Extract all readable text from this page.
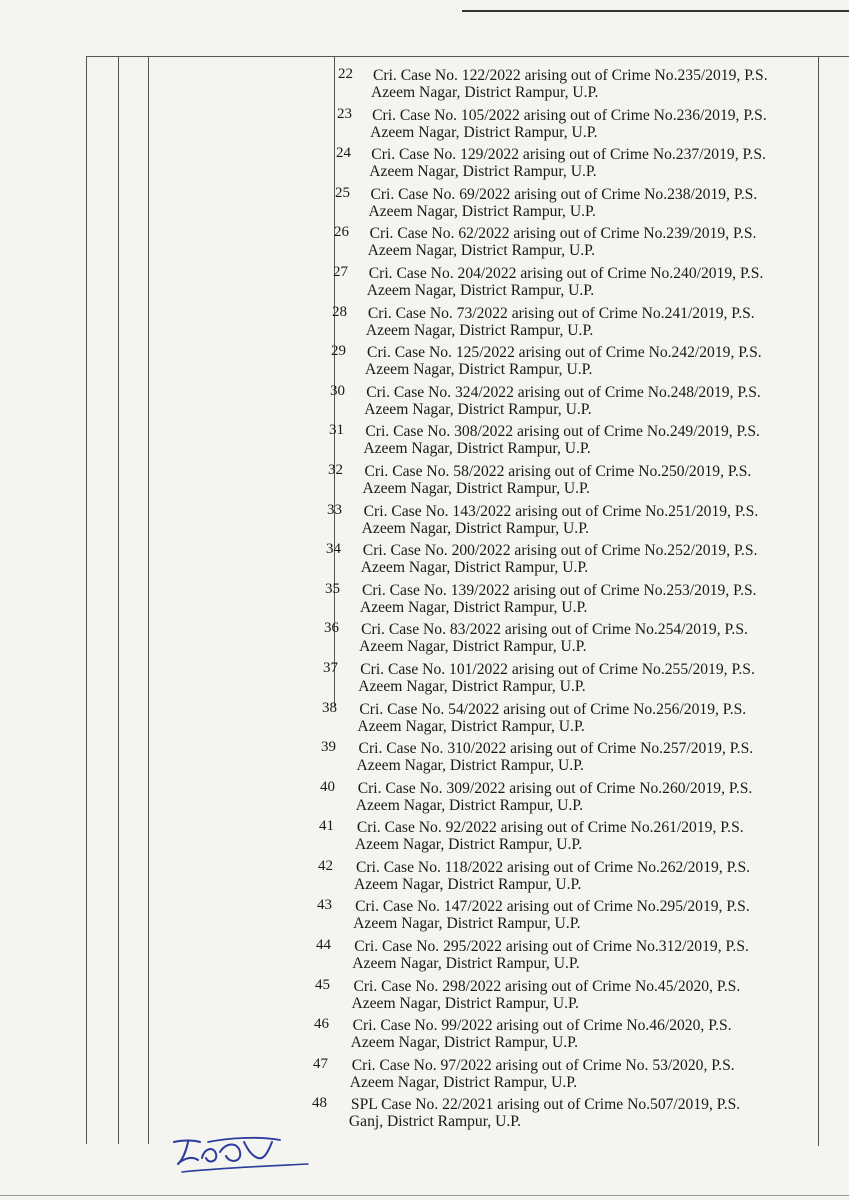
22 Cri. Case No. 122/2022 arising out of Crime No.235/2019, P.S.
Azeem Nagar, District Rampur, U.P.
23 Cri. Case No. 105/2022 arising out of Crime No.236/2019, P.S.
Azeem Nagar, District Rampur, U.P.
24 Cri. Case No. 129/2022 arising out of Crime No.237/2019, P.S.
Azeem Nagar, District Rampur, U.P.
25 Cri. Case No. 69/2022 arising out of Crime No.238/2019, P.S.
Azeem Nagar, District Rampur, U.P.
26 Cri. Case No. 62/2022 arising out of Crime No.239/2019, P.S.
Azeem Nagar, District Rampur, U.P.
27 Cri. Case No. 204/2022 arising out of Crime No.240/2019, P.S.
Azeem Nagar, District Rampur, U.P.
28 Cri. Case No. 73/2022 arising out of Crime No.241/2019, P.S.
Azeem Nagar, District Rampur, U.P.
29 Cri. Case No. 125/2022 arising out of Crime No.242/2019, P.S.
Azeem Nagar, District Rampur, U.P.
30 Cri. Case No. 324/2022 arising out of Crime No.248/2019, P.S.
Azeem Nagar, District Rampur, U.P.
31 Cri. Case No. 308/2022 arising out of Crime No.249/2019, P.S.
Azeem Nagar, District Rampur, U.P.
32 Cri. Case No. 58/2022 arising out of Crime No.250/2019, P.S.
Azeem Nagar, District Rampur, U.P.
33 Cri. Case No. 143/2022 arising out of Crime No.251/2019, P.S.
Azeem Nagar, District Rampur, U.P.
34 Cri. Case No. 200/2022 arising out of Crime No.252/2019, P.S.
Azeem Nagar, District Rampur, U.P.
35 Cri. Case No. 139/2022 arising out of Crime No.253/2019, P.S.
Azeem Nagar, District Rampur, U.P.
36 Cri. Case No. 83/2022 arising out of Crime No.254/2019, P.S.
Azeem Nagar, District Rampur, U.P.
37 Cri. Case No. 101/2022 arising out of Crime No.255/2019, P.S.
Azeem Nagar, District Rampur, U.P.
38 Cri. Case No. 54/2022 arising out of Crime No.256/2019, P.S.
Azeem Nagar, District Rampur, U.P.
39 Cri. Case No. 310/2022 arising out of Crime No.257/2019, P.S.
Azeem Nagar, District Rampur, U.P.
40 Cri. Case No. 309/2022 arising out of Crime No.260/2019, P.S.
Azeem Nagar, District Rampur, U.P.
41 Cri. Case No. 92/2022 arising out of Crime No.261/2019, P.S.
Azeem Nagar, District Rampur, U.P.
42 Cri. Case No. 118/2022 arising out of Crime No.262/2019, P.S.
Azeem Nagar, District Rampur, U.P.
43 Cri. Case No. 147/2022 arising out of Crime No.295/2019, P.S.
Azeem Nagar, District Rampur, U.P.
44 Cri. Case No. 295/2022 arising out of Crime No.312/2019, P.S.
Azeem Nagar, District Rampur, U.P.
45 Cri. Case No. 298/2022 arising out of Crime No.45/2020, P.S.
Azeem Nagar, District Rampur, U.P.
46 Cri. Case No. 99/2022 arising out of Crime No.46/2020, P.S.
Azeem Nagar, District Rampur, U.P.
47 Cri. Case No. 97/2022 arising out of Crime No. 53/2020, P.S.
Azeem Nagar, District Rampur, U.P.
48 SPL Case No. 22/2021 arising out of Crime No.507/2019, P.S.
Ganj, District Rampur, U.P.
